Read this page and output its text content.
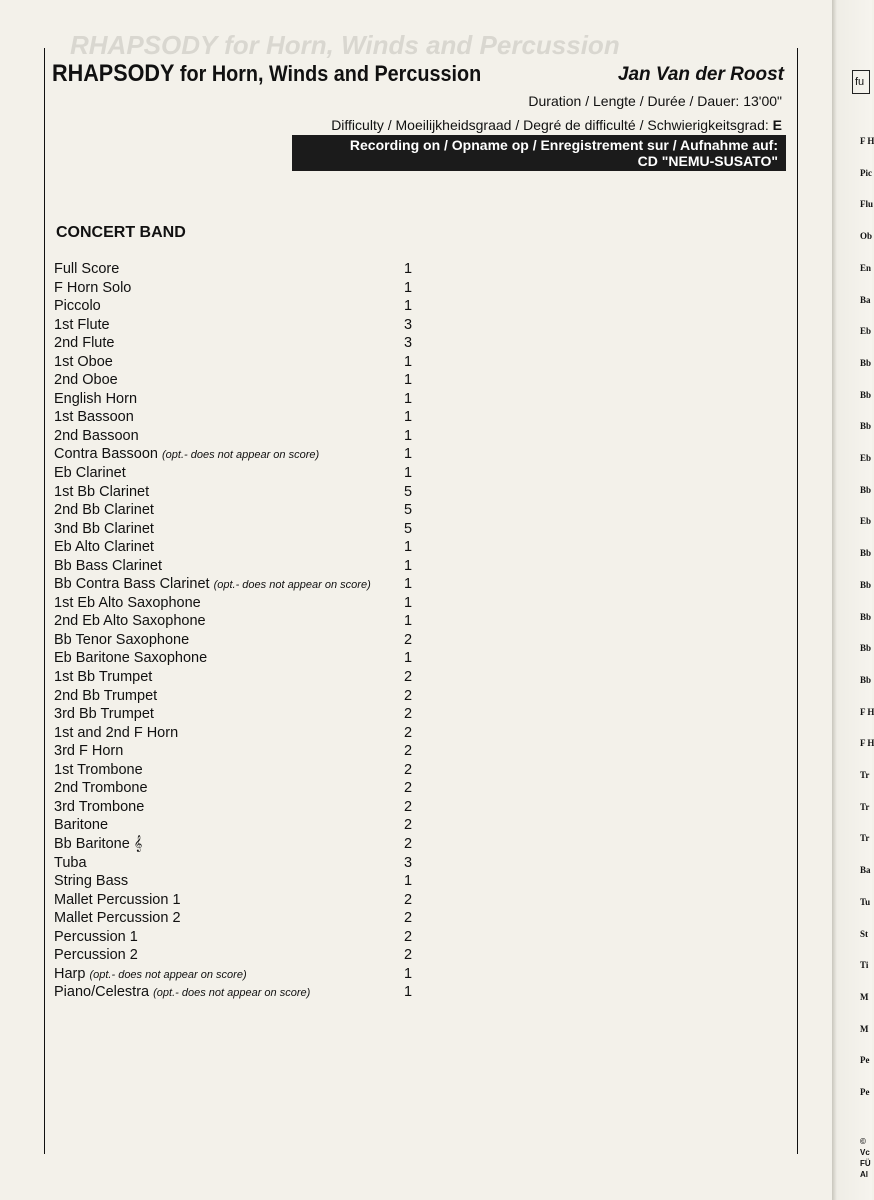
RHAPSODY for Horn, Winds and Percussion
RHAPSODY for Horn, Winds and Percussion	Jan Van der Roost
Duration / Lengte / Durée / Dauer: 13'00"
Difficulty / Moeilijkheidsgraad / Degré de difficulté / Schwierigkeitsgrad: E
Recording on / Opname op / Enregistrement sur / Aufnahme auf:
CD "NEMU-SUSATO"
CONCERT BAND
Full Score	1
F Horn Solo	1
Piccolo	1
1st Flute	3
2nd Flute	3
1st Oboe	1
2nd Oboe	1
English Horn	1
1st Bassoon	1
2nd Bassoon	1
Contra Bassoon (opt.- does not appear on score)	1
Eb Clarinet	1
1st Bb Clarinet	5
2nd Bb Clarinet	5
3nd Bb Clarinet	5
Eb Alto Clarinet	1
Bb Bass Clarinet	1
Bb Contra Bass Clarinet (opt.- does not appear on score) 1
1st Eb Alto Saxophone	1
2nd Eb Alto Saxophone	1
Bb Tenor Saxophone	2
Eb Baritone Saxophone	1
1st Bb Trumpet	2
2nd Bb Trumpet	2
3rd Bb Trumpet	2
1st and 2nd F Horn	2
3rd F Horn	2
1st Trombone	2
2nd Trombone	2
3rd Trombone	2
Baritone	2
Bb Baritone 𝄞	2
Tuba	3
String Bass	1
Mallet Percussion 1	2
Mallet Percussion 2	2
Percussion 1	2
Percussion 2	2
Harp (opt.- does not appear on score)	1
Piano/Celestra (opt.- does not appear on score)	1
fu
F H
Pic
Flu
Ob
En
Ba
Eb
Bb
Bb
Bb
Eb
Bb
Eb
Bb
Bb
Bb
Bb
Bb
F H
F H
Tr
Tr
Tr
Ba
Tu
St
Ti
M
M
Pe
Pe
©
Vc
FÜ
Al
